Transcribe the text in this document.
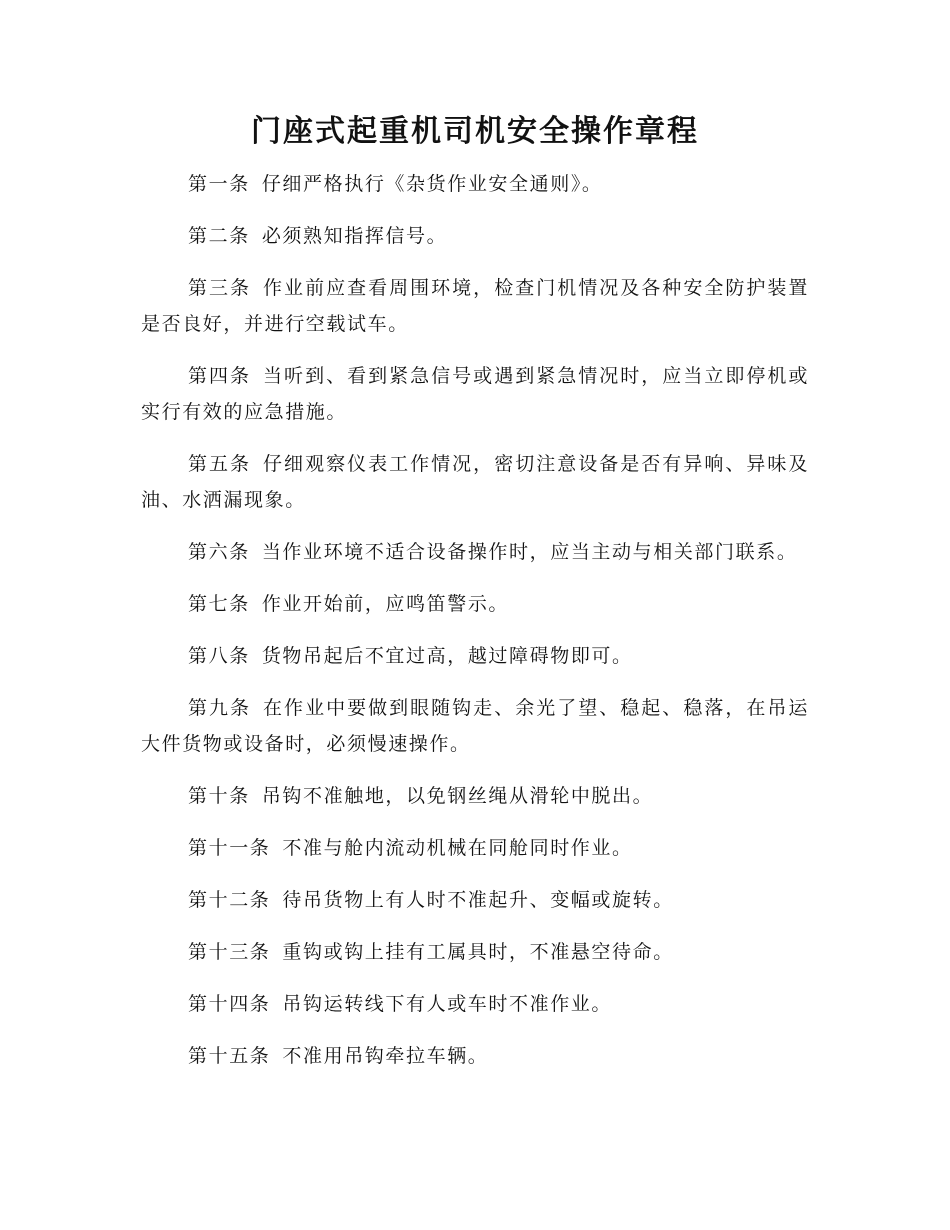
门座式起重机司机安全操作章程

第一条 仔细严格执行《杂货作业安全通则》。

第二条 必须熟知指挥信号。

第三条 作业前应查看周围环境，检查门机情况及各种安全防护装置是否良好，并进行空载试车。

第四条 当听到、看到紧急信号或遇到紧急情况时，应当立即停机或实行有效的应急措施。

第五条 仔细观察仪表工作情况，密切注意设备是否有异响、异味及油、水洒漏现象。

第六条 当作业环境不适合设备操作时，应当主动与相关部门联系。

第七条 作业开始前，应鸣笛警示。

第八条 货物吊起后不宜过高，越过障碍物即可。

第九条 在作业中要做到眼随钩走、余光了望、稳起、稳落，在吊运大件货物或设备时，必须慢速操作。

第十条 吊钩不准触地，以免钢丝绳从滑轮中脱出。

第十一条 不准与舱内流动机械在同舱同时作业。

第十二条 待吊货物上有人时不准起升、变幅或旋转。

第十三条 重钩或钩上挂有工属具时，不准悬空待命。

第十四条 吊钩运转线下有人或车时不准作业。

第十五条 不准用吊钩牵拉车辆。
